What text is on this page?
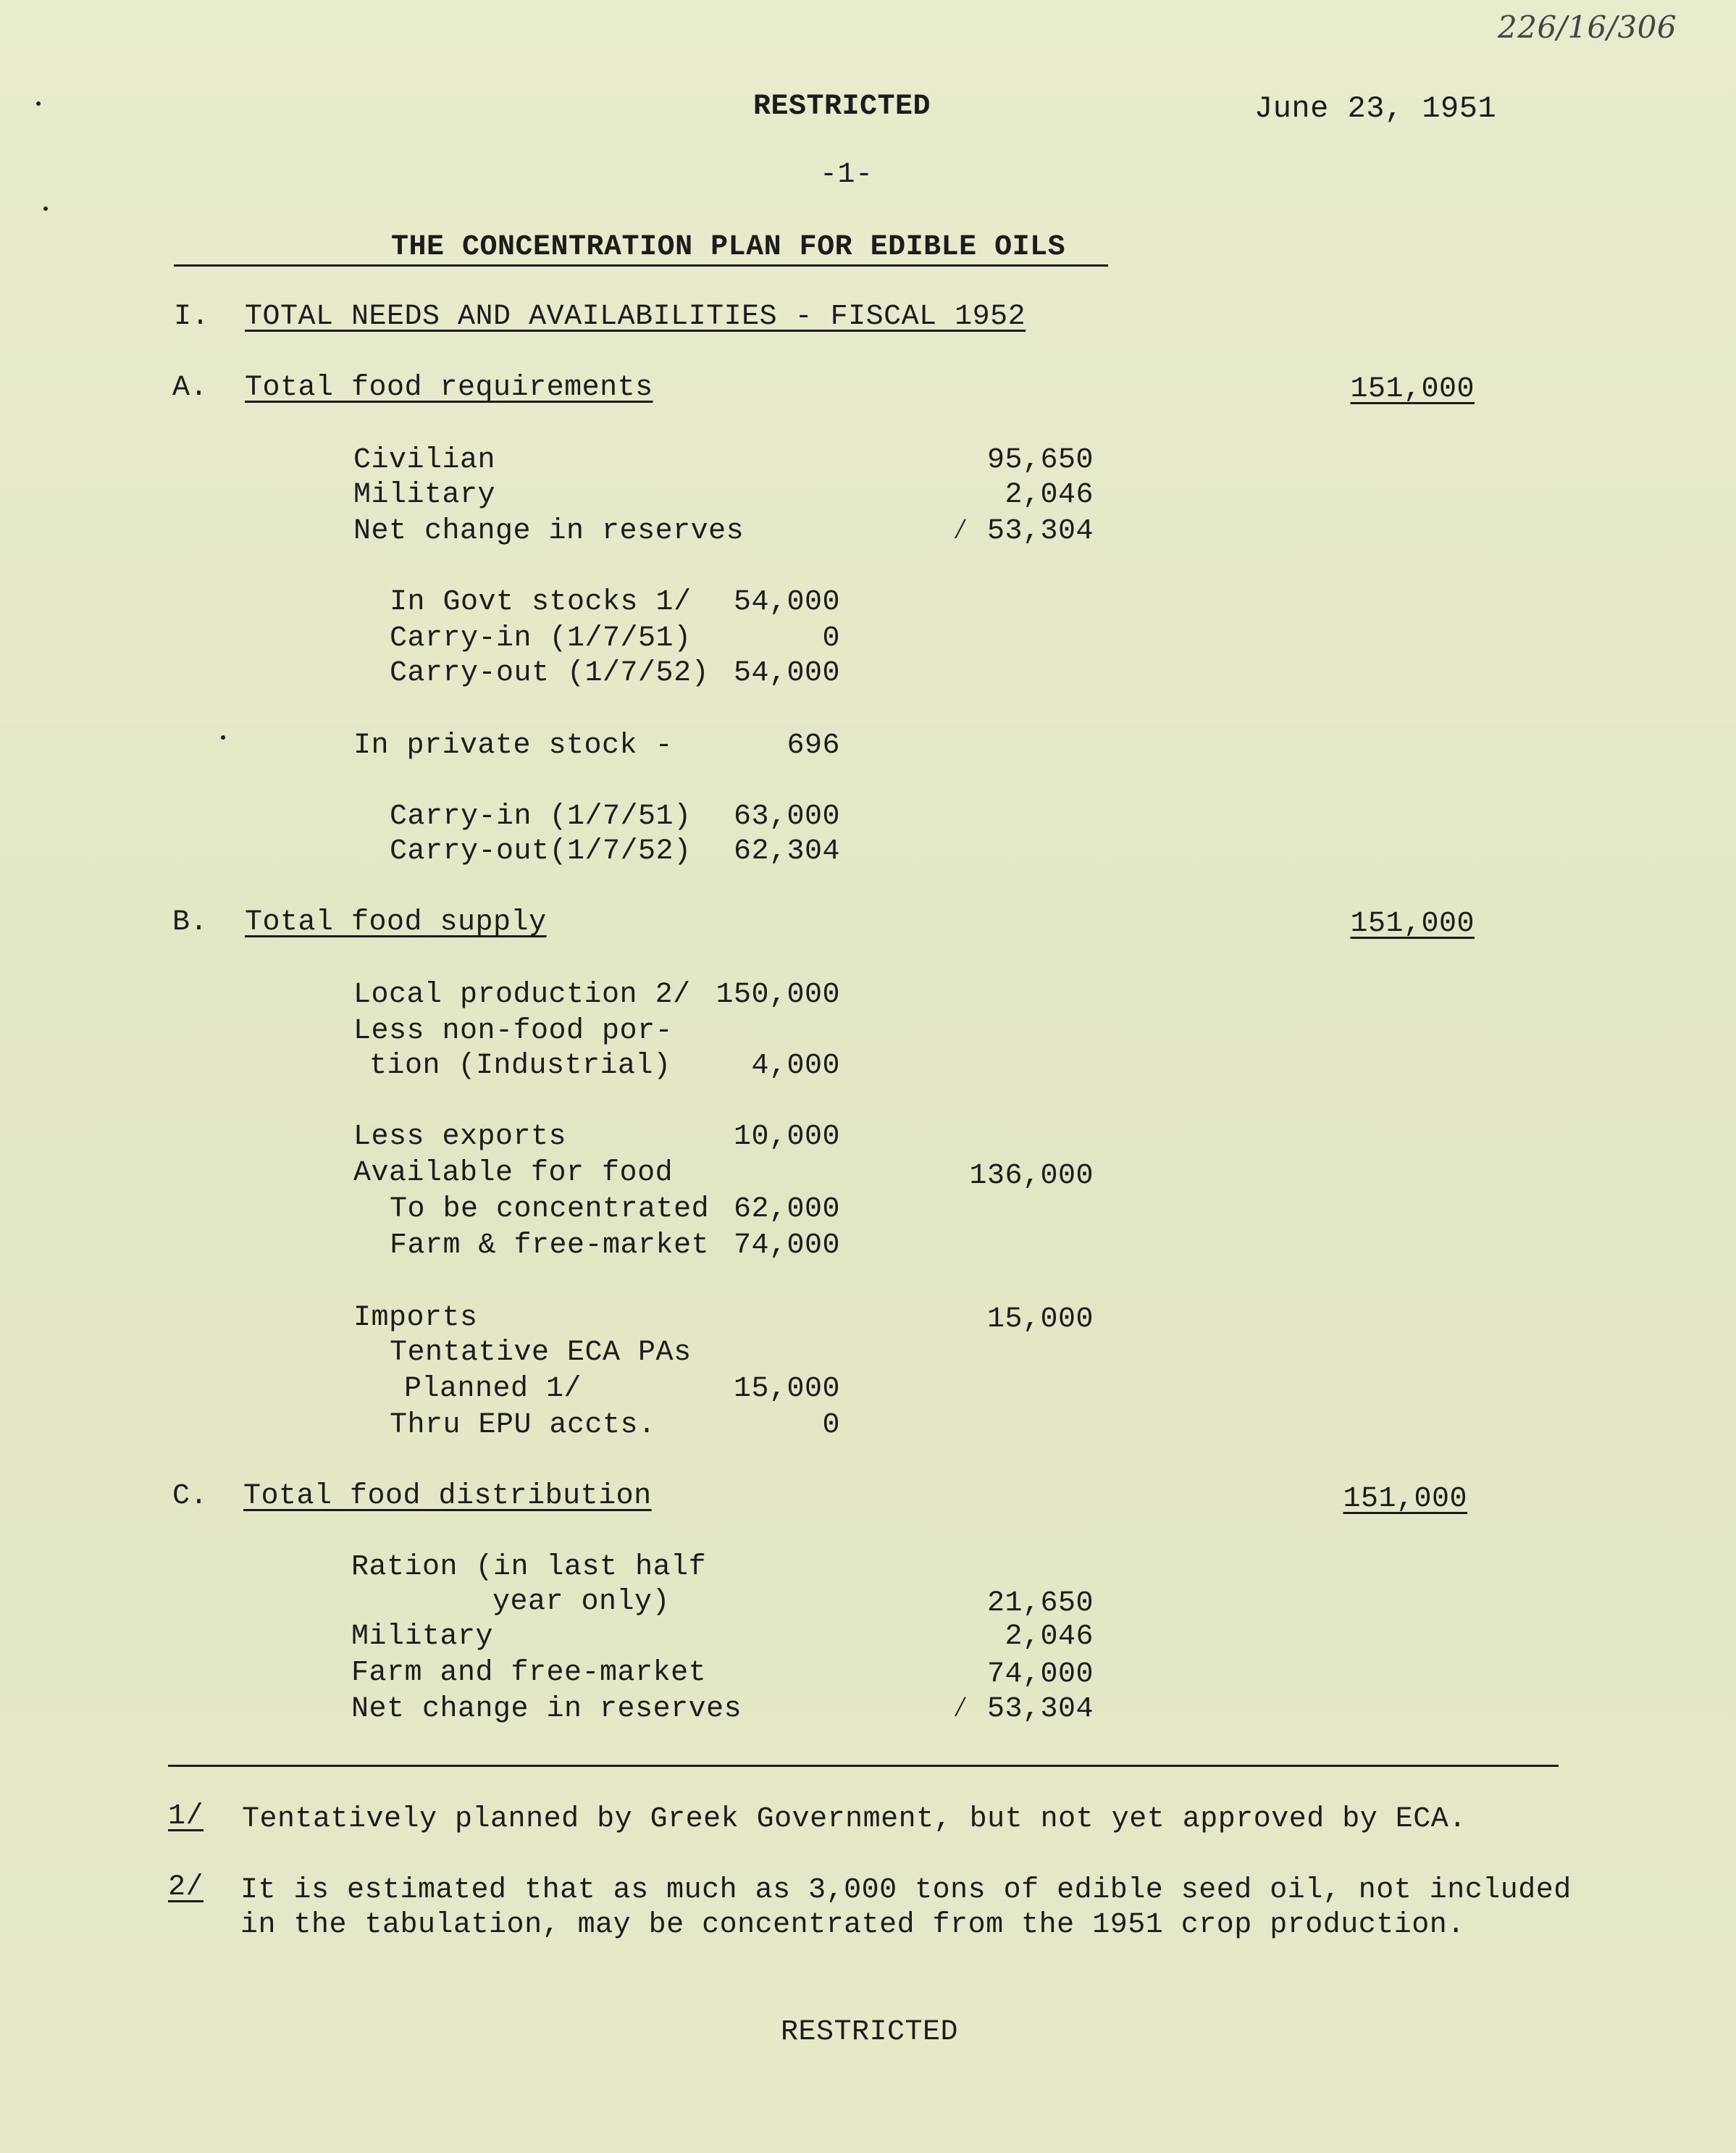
226/16/306
RESTRICTED	June 23, 1951
-1-
THE CONCENTRATION PLAN FOR EDIBLE OILS
I. TOTAL NEEDS AND AVAILABILITIES - FISCAL 1952
A. Total food requirements	151,000
Civilian	95,650
Military	2,046
Net change in reserves	∕ 53,304
In Govt stocks 1/	54,000
Carry-in (1/7/51)	0
Carry-out (1/7/52) 54,000
In private stock -	696
Carry-in (1/7/51)	63,000
Carry-out(1/7/52)	62,304
B. Total food supply	151,000
Local production 2/ 150,000
Less non-food por-
tion (Industrial)	4,000
Less exports	10,000
Available for food	136,000
To be concentrated 62,000
Farm & free-market 74,000
Imports	15,000
Tentative ECA PAs
Planned 1/	15,000
Thru EPU accts.	0
C. Total food distribution	151,000
Ration (in last half
year only)	21,650
Military	2,046
Farm and free-market	74,000
Net change in reserves	∕ 53,304
1/ Tentatively planned by Greek Government, but not yet approved by ECA.
2/ It is estimated that as much as 3,000 tons of edible seed oil, not included
in the tabulation, may be concentrated from the 1951 crop production.
RESTRICTED
